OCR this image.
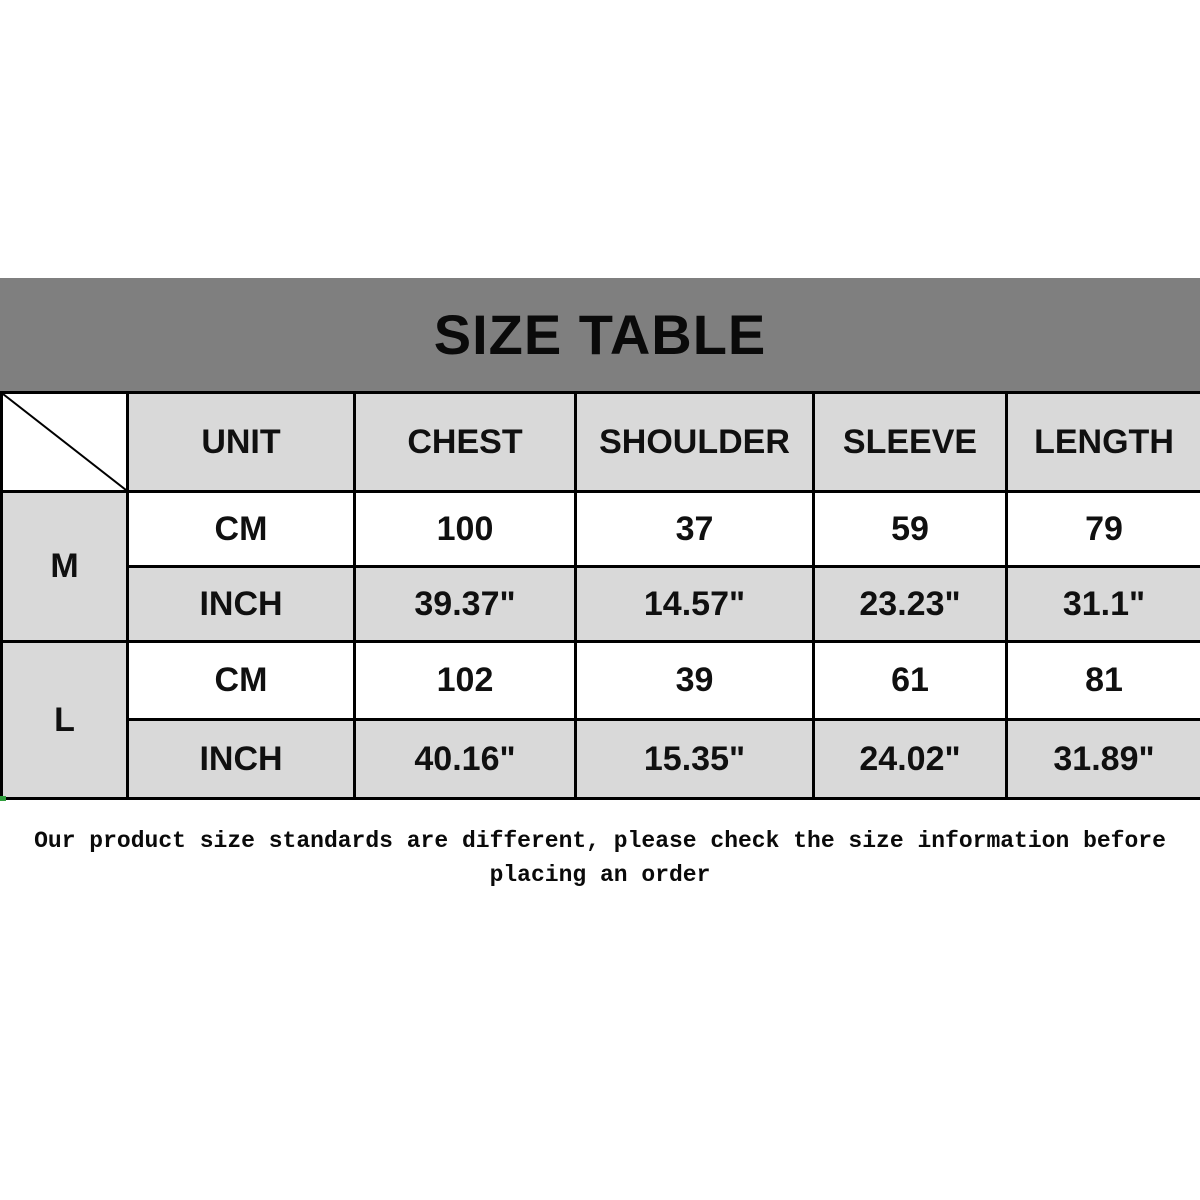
SIZE TABLE
	UNIT	CHEST	SHOULDER	SLEEVE	LENGTH
M	CM	100	37	59	79
	INCH	39.37"	14.57"	23.23"	31.1"
L	CM	102	39	61	81
	INCH	40.16"	15.35"	24.02"	31.89"
Our product size standards are different, please check the size information before
placing an order
